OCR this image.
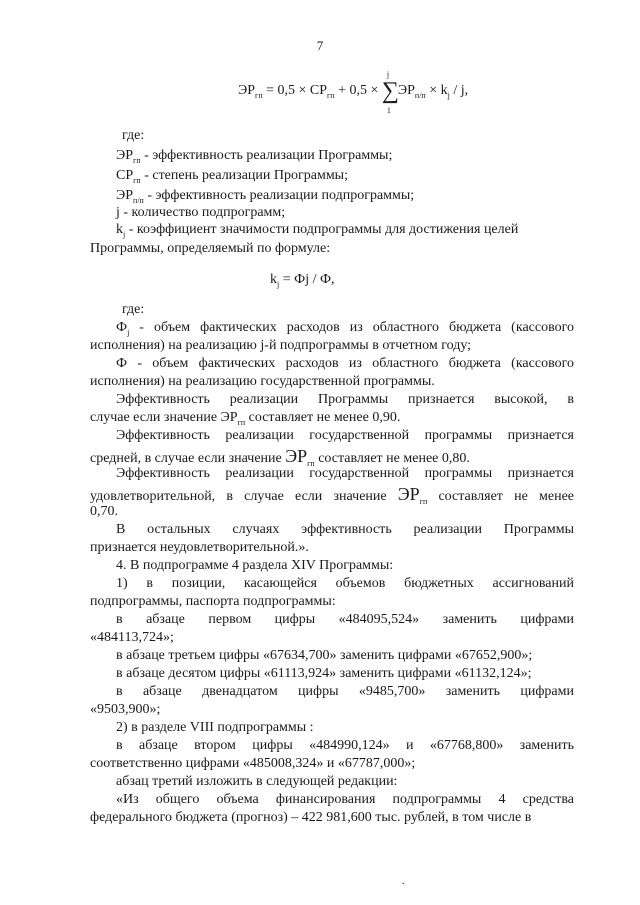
7
$ЭР_{гп} = 0,5 \times СР_{гп} + 0,5$ ×
j
∑
1
$ЭР_{п/п} \times k_j / j$,
где:
$ЭР_{гп}$ - эффективность реализации Программы;
$СР_{гп}$ - степень реализации Программы;
$ЭР_{п/п}$ - эффективность реализации подпрограммы;
j - количество подпрограмм;
$k_j$ - коэффициент значимости подпрограммы для достижения целей
Программы, определяемый по формуле:
$k_j$ = Фj / Ф,
где:
$Ф_j$ - объем фактических расходов из областного бюджета (кассового
исполнения) на реализацию j-й подпрограммы в отчетном году;
Ф - объем фактических расходов из областного бюджета (кассового
исполнения) на реализацию государственной программы.
Эффективность реализации Программы признается высокой, в
случае если значение $ЭР_{гп}$ составляет не менее 0,90.
Эффективность реализации государственной программы признается
средней, в случае если значение $ЭР_{гп}$ составляет не менее 0,80.
Эффективность реализации государственной программы признается
удовлетворительной, в случае если значение $ЭР_{гп}$ составляет не менее
0,70.
В остальных случаях эффективность реализации Программы
признается неудовлетворительной.».
4. В подпрограмме 4 раздела XIV Программы:
1) в позиции, касающейся объемов бюджетных ассигнований
подпрограммы, паспорта подпрограммы:
в абзаце первом цифры «484095,524» заменить цифрами
«484113,724»;
в абзаце третьем цифры «67634,700» заменить цифрами «67652,900»;
в абзаце десятом цифры «61113,924» заменить цифрами «61132,124»;
в абзаце двенадцатом цифры «9485,700» заменить цифрами
«9503,900»;
2) в разделе VIII подпрограммы :
в абзаце втором цифры «484990,124» и «67768,800» заменить
соответственно цифрами «485008,324» и «67787,000»;
абзац третий изложить в следующей редакции:
«Из общего объема финансирования подпрограммы 4 средства
федерального бюджета (прогноз) – 422 981,600 тыс. рублей, в том числе в
.
